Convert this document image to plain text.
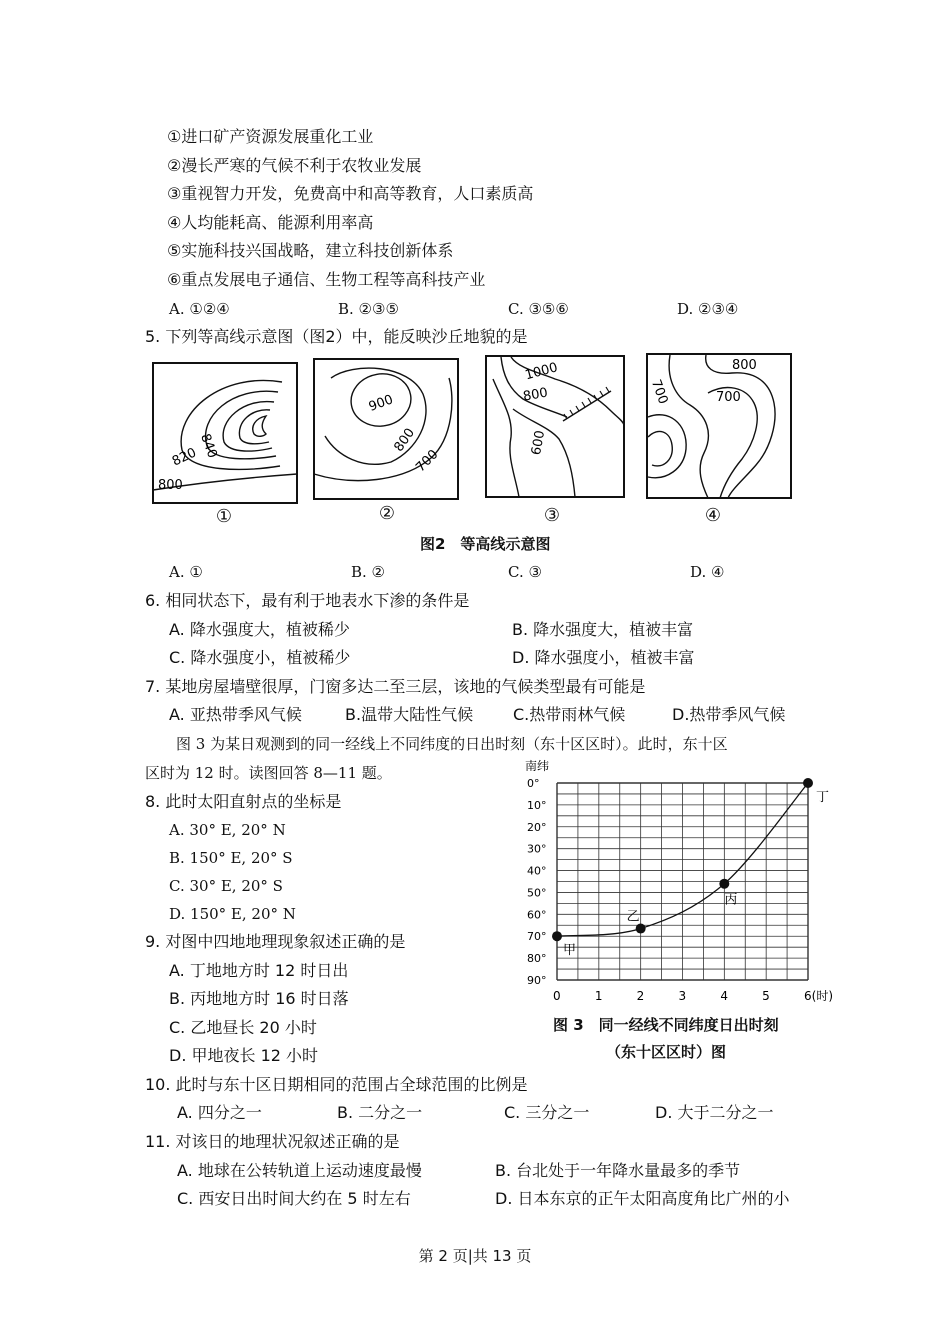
①进口矿产资源发展重化工业
②漫长严寒的气候不利于农牧业发展
③重视智力开发，免费高中和高等教育，人口素质高
④人均能耗高、能源利用率高
⑤实施科技兴国战略，建立科技创新体系
⑥重点发展电子通信、生物工程等高科技产业
A. ①②④	B. ②③⑤	C. ③⑤⑥	D. ②③④
5. 下列等高线示意图（图2）中，能反映沙丘地貌的是
840
820
800
900
800
700
1000
800
600
800
700
700
①	②	③	④
图2　等高线示意图
A. ①	B. ②	C. ③	D. ④
6. 相同状态下，最有利于地表水下渗的条件是
A. 降水强度大，植被稀少	B. 降水强度大，植被丰富
C. 降水强度小，植被稀少	D. 降水强度小，植被丰富
7. 某地房屋墙壁很厚，门窗多达二至三层，该地的气候类型最有可能是
A. 亚热带季风气候	B.温带大陆性气候 C.热带雨林气候	D.热带季风气候
图 3 为某日观测到的同一经线上不同纬度的日出时刻（东十区区时）。此时，东十区
区时为 12 时。读图回答 8—11 题。
8. 此时太阳直射点的坐标是
A. 30° E, 20° N
B. 150° E, 20° S
C. 30° E, 20° S
D. 150° E, 20° N
9. 对图中四地地理现象叙述正确的是
A. 丁地地方时 12 时日出
B. 丙地地方时 16 时日落
C. 乙地昼长 20 小时
D. 甲地夜长 12 小时
10. 此时与东十区日期相同的范围占全球范围的比例是
A. 四分之一	B. 二分之一	C. 三分之一	D. 大于二分之一
11. 对该日的地理状况叙述正确的是
A. 地球在公转轨道上运动速度最慢	B. 台北处于一年降水量最多的季节
C. 西安日出时间大约在 5 时左右	D. 日本东京的正午太阳高度角比广州的小
南纬
0°
10°
20°
30°
40°
50°
60°
70°
80°
90°
0	1	2	3	4	5	6(时)
甲
乙
丙
丁
图 3　同一经线不同纬度日出时刻
（东十区区时）图
第 2 页|共 13 页
